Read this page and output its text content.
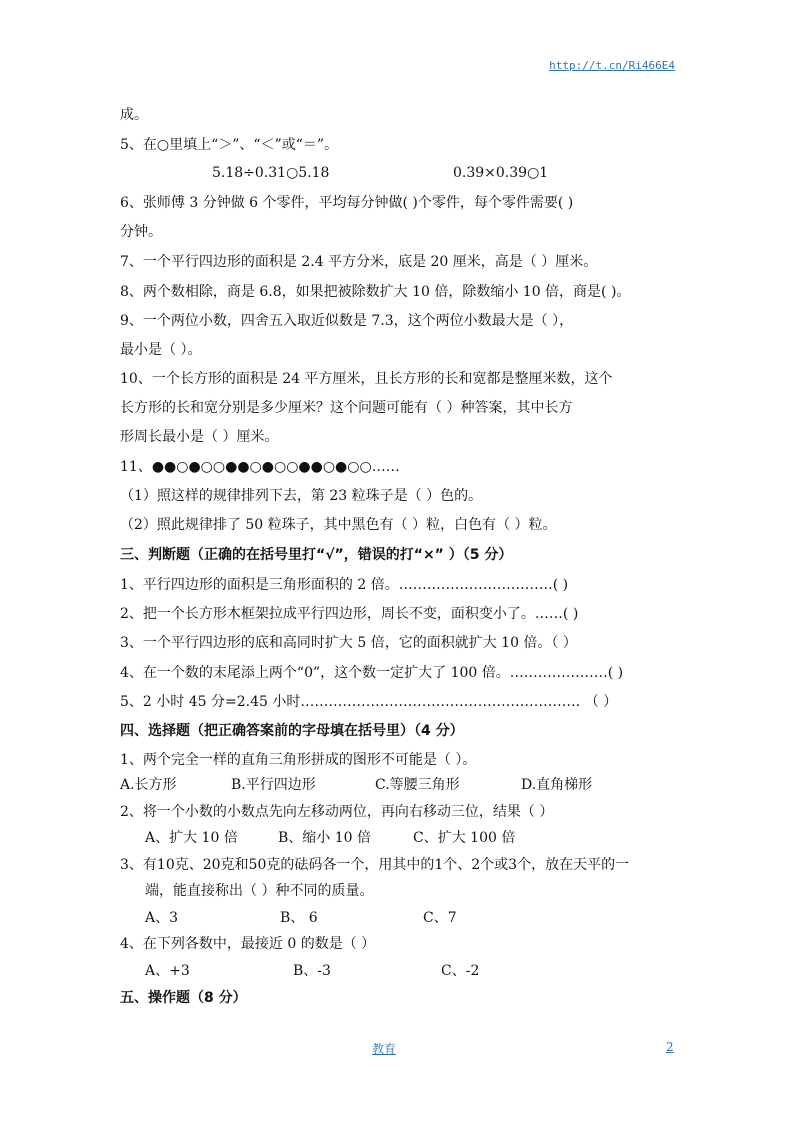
http://t.cn/Ri466E4
成。
5、在○里填上“＞”、“＜”或“＝”。
5.18÷0.31○5.18	0.39×0.39○1
6、张师傅 3 分钟做 6 个零件，平均每分钟做( )个零件，每个零件需要( )
分钟。
7、一个平行四边形的面积是 2.4 平方分米，底是 20 厘米，高是（ ）厘米。
8、两个数相除，商是 6.8，如果把被除数扩大 10 倍，除数缩小 10 倍，商是( )。
9、一个两位小数，四舍五入取近似数是 7.3，这个两位小数最大是（ ），
最小是（ ）。
10、一个长方形的面积是 24 平方厘米，且长方形的长和宽都是整厘米数，这个
长方形的长和宽分别是多少厘米？这个问题可能有（ ）种答案，其中长方
形周长最小是（ ）厘米。
11、●●○●○○●●○●○○●●○●○○……
（1）照这样的规律排列下去，第 23 粒珠子是（ ）色的。
（2）照此规律排了 50 粒珠子，其中黑色有（ ）粒，白色有（ ）粒。
三、判断题（正确的在括号里打“√”，错误的打“×” ）（5 分）
1、平行四边形的面积是三角形面积的 2 倍。……………………………( )
2、把一个长方形木框架拉成平行四边形，周长不变，面积变小了。……( )
3、一个平行四边形的底和高同时扩大 5 倍，它的面积就扩大 10 倍。（ ）
4、在一个数的末尾添上两个“0”，这个数一定扩大了 100 倍。…………………( )
5、2 小时 45 分=2.45 小时…………………………………………………… （ ）
四、选择题（把正确答案前的字母填在括号里）（4 分）
1、两个完全一样的直角三角形拼成的图形不可能是（ ）。
A.长方形	B.平行四边形	C.等腰三角形	D.直角梯形
2、将一个小数的小数点先向左移动两位，再向右移动三位，结果（ ）
A、扩大 10 倍	B、缩小 10 倍	C、扩大 100 倍
3、有10克、20克和50克的砝码各一个，用其中的1个、2个或3个，放在天平的一
端，能直接称出（ ）种不同的质量。
A、3	B、 6	C、7
4、在下列各数中，最接近 0 的数是（ ）
A、+3	B、-3	C、-2
五、操作题（8 分）
教育	2
